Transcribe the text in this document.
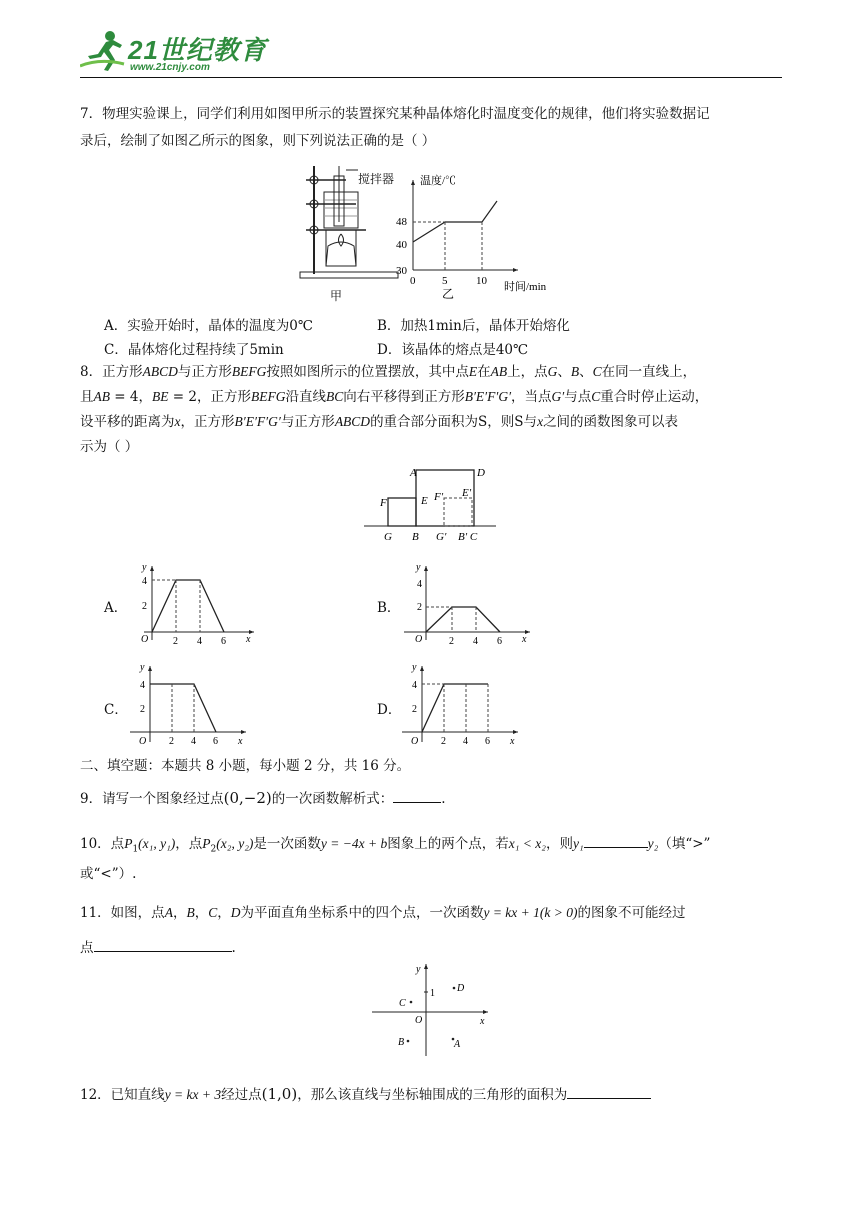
21世纪教育
www.21cnjy.com
7．物理实验课上，同学们利用如图甲所示的装置探究某种晶体熔化时温度变化的规律，他们将实验数据记
录后，绘制了如图乙所示的图象，则下列说法正确的是（ ）
搅拌器
甲
温度/℃
48
40
30
0 5	10 时间/min
乙
A．实验开始时，晶体的温度为0℃	B．加热1min后，晶体开始熔化
C．晶体熔化过程持续了5min	D．该晶体的熔点是40℃
8．正方形ABCD与正方形BEFG按照如图所示的位置摆放，其中点E在AB上，点G、B、C在同一直线上，
且AB = 4，BE = 2，正方形BEFG沿直线BC向右平移得到正方形B′E′F′G′，当点G′与点C重合时停止运动，
设平移的距离为x，正方形B′E′F′G′与正方形ABCD的重合部分面积为S，则S与x之间的函数图象可以表
示为（ ）
A	D
E
F	F′ E′
G B G′ B′ C
A．
y
4
2
O 2 4 6 x
B．
y
4
2
O	2 4 6 x
C．
y
4
2
O 2 4 6 x
D．
y
4
2
O 2 4 6 x
二、填空题：本题共 8 小题，每小题 2 分，共 16 分。
9．请写一个图象经过点(0,−2)的一次函数解析式：	.
10．点$P_1(x_1$, y₁)，点$P_2(x_2$, y₂)是一次函数y = −4x + b图象上的两个点，若x₁ < x₂，则y₁	y₂（填“>”
或“<”）.
11．如图，点A，B，C，D为平面直角坐标系中的四个点，一次函数y = kx + 1(k > 0)的图象不可能经过
点	.
y
x
O
1 D
C
B	A
12．已知直线y = kx + 3经过点(1,0)，那么该直线与坐标轴围成的三角形的面积为
